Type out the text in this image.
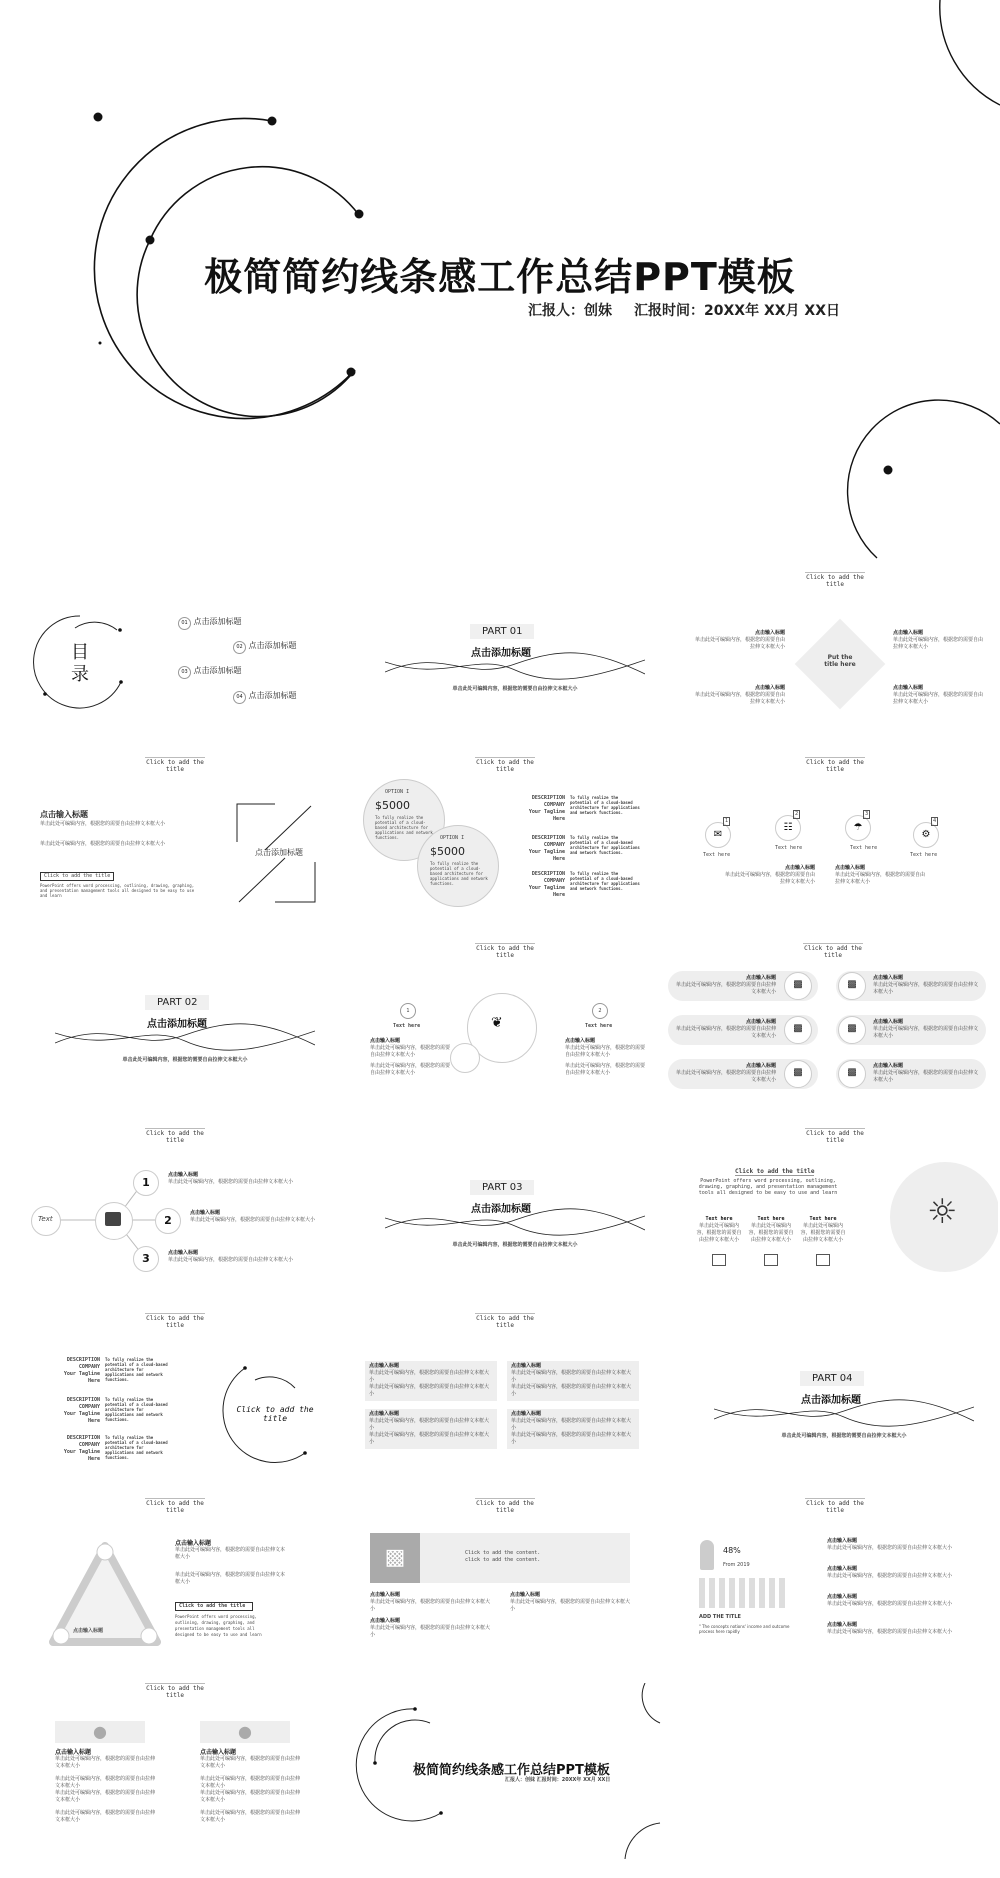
极简简约线条感工作总结PPT模板
汇报人：创妹 汇报时间：20XX年 XX月 XX日
目录
01 点击添加标题
02 点击添加标题
03 点击添加标题
04 点击添加标题
PART 01
点击添加标题
单击此处可编辑内容，根据您的需要自由拉伸文本框大小
Click to add the title
Put the title here
点击输入标题
单击此处可编辑内容，根据您的需要自由拉伸文本框大小
点击输入标题
单击此处可编辑内容，根据您的需要自由拉伸文本框大小
点击输入标题
单击此处可编辑内容，根据您的需要自由拉伸文本框大小
点击输入标题
单击此处可编辑内容，根据您的需要自由拉伸文本框大小
Click to add the title
点击输入标题
单击此处可编辑内容，根据您的需要自由拉伸文本框大小
单击此处可编辑内容，根据您的需要自由拉伸文本框大小
Click to add the title
PowerPoint offers word processing, outlining, drawing, graphing, and presentation management tools all designed to be easy to use and learn
点击添加标题
Click to add the title
OPTION I
$5000
To fully realize the potential of a cloud-based architecture for applications and network functions.	OPTION I
$5000
To fully realize the potential of a cloud-based architecture for applications and network functions.
DESCRIPTION COMPANY
Your Tagline Here
To fully realize the potential of a cloud-based architecture for applications and network functions.
DESCRIPTION COMPANY
Your Tagline Here
To fully realize the potential of a cloud-based architecture for applications and network functions.
DESCRIPTION COMPANY
Your Tagline Here
To fully realize the potential of a cloud-based architecture for applications and network functions.
Click to add the title
✉
1
☷
2
☂
3
⚙
4
Text here
Text here	Text here
Text here
点击输入标题
单击此处可编辑内容，根据您的需要自由拉伸文本框大小
点击输入标题
单击此处可编辑内容，根据您的需要自由拉伸文本框大小
PART 02
点击添加标题
单击此处可编辑内容，根据您的需要自由拉伸文本框大小
Click to add the title
❦
1	2
Text here	Text here
点击输入标题
单击此处可编辑内容，根据您的需要自由拉伸文本框大小
单击此处可编辑内容，根据您的需要自由拉伸文本框大小
点击输入标题
单击此处可编辑内容，根据您的需要自由拉伸文本框大小
单击此处可编辑内容，根据您的需要自由拉伸文本框大小
Click to add the title
▩	▩
▩	▩
▩	▩
点击输入标题
单击此处可编辑内容，根据您的需要自由拉伸文本框大小
点击输入标题
单击此处可编辑内容，根据您的需要自由拉伸文本框大小
点击输入标题
单击此处可编辑内容，根据您的需要自由拉伸文本框大小
点击输入标题
单击此处可编辑内容，根据您的需要自由拉伸文本框大小
点击输入标题
单击此处可编辑内容，根据您的需要自由拉伸文本框大小
点击输入标题
单击此处可编辑内容，根据您的需要自由拉伸文本框大小
Click to add the title
Text
1
2
3
点击输入标题
单击此处可编辑内容，根据您的需要自由拉伸文本框大小
点击输入标题
单击此处可编辑内容，根据您的需要自由拉伸文本框大小
点击输入标题
单击此处可编辑内容，根据您的需要自由拉伸文本框大小
PART 03
点击添加标题
单击此处可编辑内容，根据您的需要自由拉伸文本框大小
Click to add the title
Click to add the title
PowerPoint offers word processing, outlining, drawing, graphing, and presentation management tools all designed to be easy to use and learn
Text here
单击此处可编辑内容，根据您的需要自由拉伸文本框大小
Text here
单击此处可编辑内容，根据您的需要自由拉伸文本框大小
Text here
单击此处可编辑内容，根据您的需要自由拉伸文本框大小
☼
Click to add the title
DESCRIPTION COMPANY
Your Tagline Here
To fully realize the potential of a cloud-based architecture for applications and network functions.
DESCRIPTION COMPANY
Your Tagline Here
To fully realize the potential of a cloud-based architecture for applications and network functions.
DESCRIPTION COMPANY
Your Tagline Here
To fully realize the potential of a cloud-based architecture for applications and network functions.
Click to add the title
Click to add the title
点击输入标题
单击此处可编辑内容，根据您的需要自由拉伸文本框大小
单击此处可编辑内容，根据您的需要自由拉伸文本框大小
点击输入标题
单击此处可编辑内容，根据您的需要自由拉伸文本框大小
单击此处可编辑内容，根据您的需要自由拉伸文本框大小
点击输入标题
单击此处可编辑内容，根据您的需要自由拉伸文本框大小
单击此处可编辑内容，根据您的需要自由拉伸文本框大小
点击输入标题
单击此处可编辑内容，根据您的需要自由拉伸文本框大小
单击此处可编辑内容，根据您的需要自由拉伸文本框大小
PART 04
点击添加标题
单击此处可编辑内容，根据您的需要自由拉伸文本框大小
Click to add the title
点击输入标题
点击输入标题
单击此处可编辑内容，根据您的需要自由拉伸文本框大小
单击此处可编辑内容，根据您的需要自由拉伸文本框大小
Click to add the title
PowerPoint offers word processing, outlining, drawing, graphing, and presentation management tools all designed to be easy to use and learn
Click to add the title
▩	Click to add the content. click to add the content.
点击输入标题
单击此处可编辑内容，根据您的需要自由拉伸文本框大小
点击输入标题
单击此处可编辑内容，根据您的需要自由拉伸文本框大小
点击输入标题
单击此处可编辑内容，根据您的需要自由拉伸文本框大小
Click to add the title
48%
From 2019
ADD THE TITLE
" The concepts notions' income and outcome process here rapidly
点击输入标题
单击此处可编辑内容，根据您的需要自由拉伸文本框大小
点击输入标题
单击此处可编辑内容，根据您的需要自由拉伸文本框大小
点击输入标题
单击此处可编辑内容，根据您的需要自由拉伸文本框大小
点击输入标题
单击此处可编辑内容，根据您的需要自由拉伸文本框大小
Click to add the title
●	●
点击输入标题
单击此处可编辑内容，根据您的需要自由拉伸文本框大小
单击此处可编辑内容，根据您的需要自由拉伸文本框大小
单击此处可编辑内容，根据您的需要自由拉伸文本框大小
单击此处可编辑内容，根据您的需要自由拉伸文本框大小
点击输入标题
单击此处可编辑内容，根据您的需要自由拉伸文本框大小
单击此处可编辑内容，根据您的需要自由拉伸文本框大小
单击此处可编辑内容，根据您的需要自由拉伸文本框大小
单击此处可编辑内容，根据您的需要自由拉伸文本框大小
极简简约线条感工作总结PPT模板
汇报人：创妹 汇报时间：20XX年 XX月 XX日
